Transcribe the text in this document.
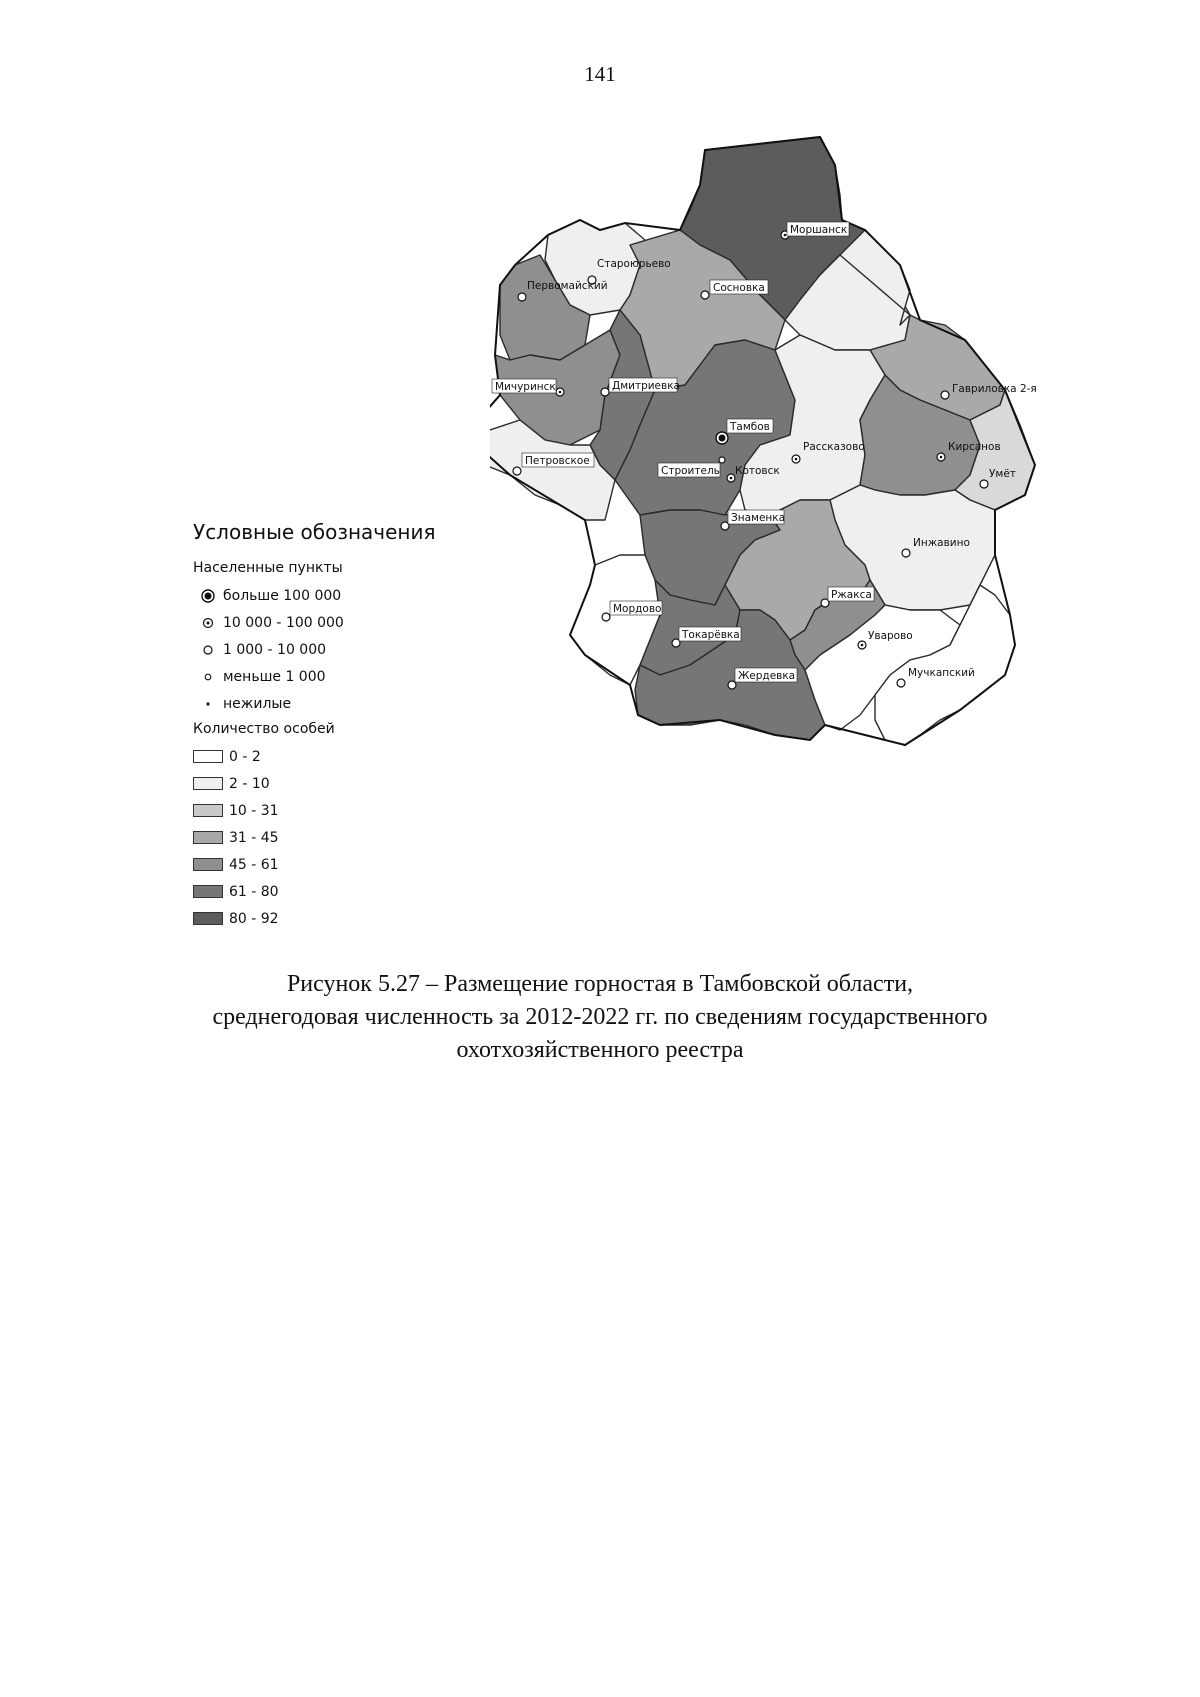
141
Моршанск
Староюрьево
Первомайский	Сосновка
Мичуринск	Дмитриевка	Гавриловка 2-я
Тамбов
Рассказово	Кирсанов
Петровское
Строитель Котовск	Умёт
Знаменка
Инжавино
Ржакса
Мордово
Токарёвка	Уварово
Мучкапский
Жердевка
Условные обозначения
Населенные пункты
больше 100 000
10 000 - 100 000
1 000 - 10 000
меньше 1 000
нежилые
Количество особей
0 - 2
2 - 10
10 - 31
31 - 45
45 - 61
61 - 80
80 - 92
Рисунок 5.27 – Размещение горностая в Тамбовской области,
среднегодовая численность за 2012-2022 гг. по сведениям государственного
охотхозяйственного реестра
